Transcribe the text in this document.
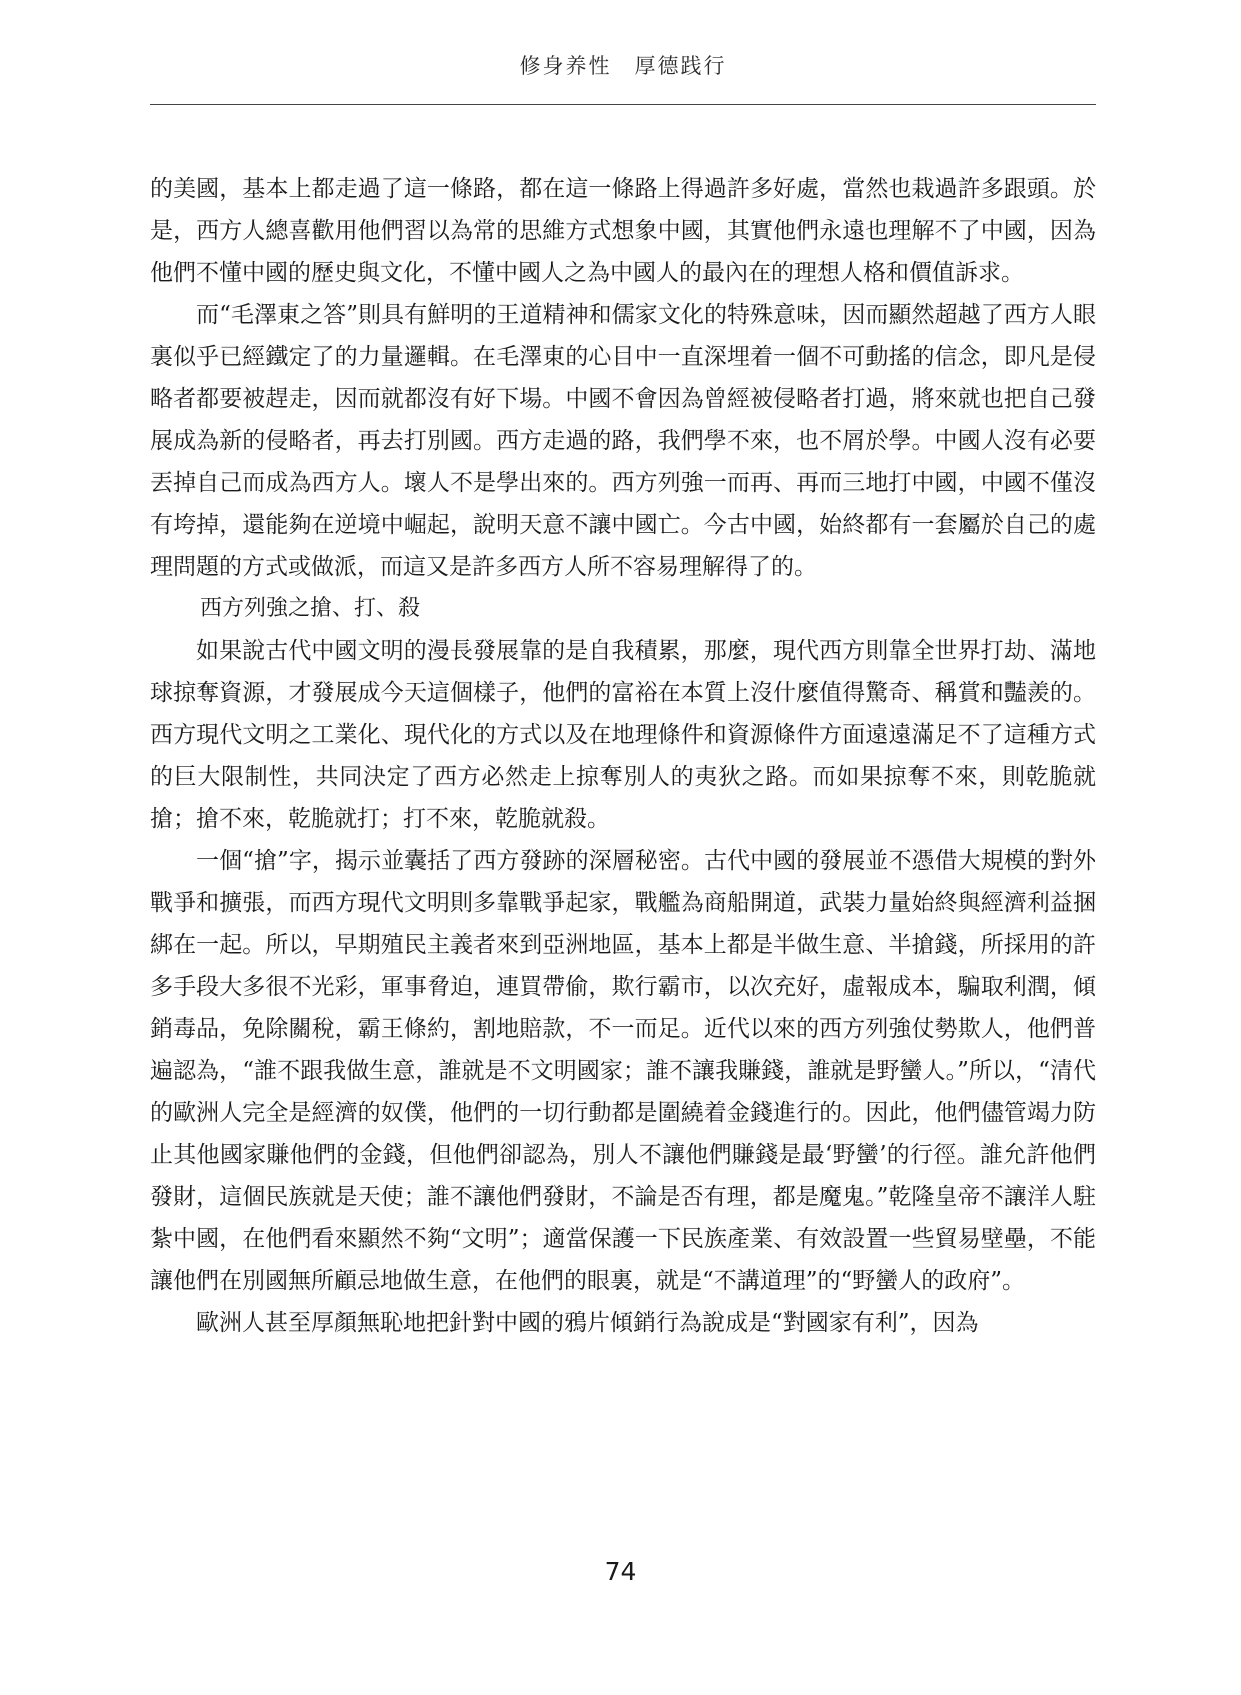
修身养性　厚德践行

的美國，基本上都走過了這一條路，都在這一條路上得過許多好處，當然也栽過許多跟頭。於是，西方人總喜歡用他們習以為常的思維方式想象中國，其實他們永遠也理解不了中國，因為他們不懂中國的歷史與文化，不懂中國人之為中國人的最內在的理想人格和價值訴求。

而“毛澤東之答”則具有鮮明的王道精神和儒家文化的特殊意味，因而顯然超越了西方人眼裏似乎已經鐵定了的力量邏輯。在毛澤東的心目中一直深埋着一個不可動搖的信念，即凡是侵略者都要被趕走，因而就都沒有好下場。中國不會因為曾經被侵略者打過，將來就也把自己發展成為新的侵略者，再去打別國。西方走過的路，我們學不來，也不屑於學。中國人沒有必要丟掉自己而成為西方人。壞人不是學出來的。西方列強一而再、再而三地打中國，中國不僅沒有垮掉，還能夠在逆境中崛起，說明天意不讓中國亡。今古中國，始終都有一套屬於自己的處理問題的方式或做派，而這又是許多西方人所不容易理解得了的。

西方列強之搶、打、殺

如果說古代中國文明的漫長發展靠的是自我積累，那麼，現代西方則靠全世界打劫、滿地球掠奪資源，才發展成今天這個樣子，他們的富裕在本質上沒什麼值得驚奇、稱賞和豔羨的。西方現代文明之工業化、現代化的方式以及在地理條件和資源條件方面遠遠滿足不了這種方式的巨大限制性，共同決定了西方必然走上掠奪別人的夷狄之路。而如果掠奪不來，則乾脆就搶；搶不來，乾脆就打；打不來，乾脆就殺。

一個“搶”字，揭示並囊括了西方發跡的深層秘密。古代中國的發展並不憑借大規模的對外戰爭和擴張，而西方現代文明則多靠戰爭起家，戰艦為商船開道，武裝力量始終與經濟利益捆綁在一起。所以，早期殖民主義者來到亞洲地區，基本上都是半做生意、半搶錢，所採用的許多手段大多很不光彩，軍事脅迫，連買帶偷，欺行霸市，以次充好，虛報成本，騙取利潤，傾銷毒品，免除關稅，霸王條約，割地賠款，不一而足。近代以來的西方列強仗勢欺人，他們普遍認為，“誰不跟我做生意，誰就是不文明國家；誰不讓我賺錢，誰就是野蠻人。”所以，“清代的歐洲人完全是經濟的奴僕，他們的一切行動都是圍繞着金錢進行的。因此，他們儘管竭力防止其他國家賺他們的金錢，但他們卻認為，別人不讓他們賺錢是最‘野蠻’的行徑。誰允許他們發財，這個民族就是天使；誰不讓他們發財，不論是否有理，都是魔鬼。”乾隆皇帝不讓洋人駐紮中國，在他們看來顯然不夠“文明”；適當保護一下民族產業、有效設置一些貿易壁壘，不能讓他們在別國無所顧忌地做生意，在他們的眼裏，就是“不講道理”的“野蠻人的政府”。

歐洲人甚至厚顏無恥地把針對中國的鴉片傾銷行為說成是“對國家有利”，因為

74
